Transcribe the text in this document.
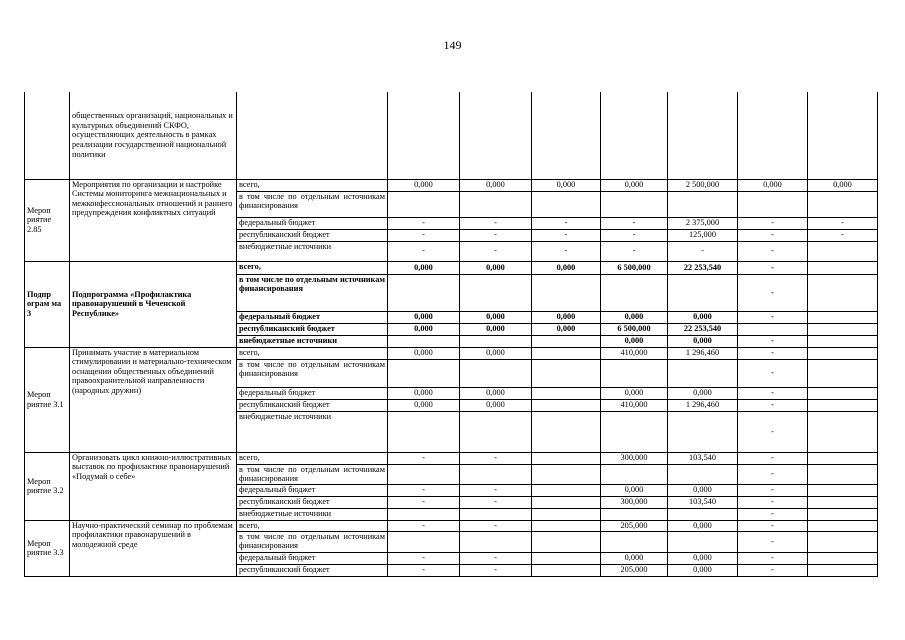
149
	общественных организаций, национальных и культурных объединений СКФО, осуществляющих деятельность в рамках реализации государственной национальной политики								
Мероп риятие 2.85	Мероприятия по организации и настройке Системы мониторинга межнациональных и межконфессиональных отношений и раннего предупреждения конфликтных ситуаций	всего,	0,000	0,000	0,000	0,000	2 500,000	0,000	0,000
		в том числе по отдельным источникам финансирования							
		федеральный бюджет	-	-	-	-	2 375,000	-	-
		республиканский бюджет	-	-	-	-	125,000	-	-
		внебюджетные источники	-	-	-	-	-	-	
Подпр ограм ма 3	Подпрограмма «Профилактика правонарушений в Чеченской Республике»	всего,	0,000	0,000	0,000	6 500,000	22 253,540	-	
		в том числе по отдельным источникам финансирования						-	
		федеральный бюджет	0,000	0,000	0,000	0,000	0,000	-	
		республиканский бюджет	0,000	0,000	0,000	6 500,000	22 253,540		
		внебюджетные источники				0,000	0,000	-	
Мероп риятие 3.1	Принимать участие в материальном стимулировании и материально-техническом оснащении общественных объединений правоохранительной направленности (народных дружин)	всего,	0,000	0,000		410,000	1 296,460	-	
		в том числе по отдельным источникам финансирования						-	
		федеральный бюджет	0,000	0,000		0,000	0,000	-	
		республиканский бюджет	0,000	0,000		410,000	1 296,460	-	
		внебюджетные источники						-	
Мероп риятие 3.2	Организовать цикл книжно-иллюстративных выставок по профилактике правонарушений «Подумай о себе»	всего,	-	-		300,000	103,540	-	
		в том числе по отдельным источникам финансирования						-	
		федеральный бюджет	-	-		0,000	0,000	-	
		республиканский бюджет	-	-		300,000	103,540	-	
		внебюджетные источники						-	
Мероп риятие 3.3	Научно-практический семинар по проблемам профилактики правонарушений в молодежной среде	всего,	-	-		205,000	0,000	-	
		в том числе по отдельным источникам финансирования						-	
		федеральный бюджет	-	-		0,000	0,000	-	
		республиканский бюджет	-	-		205,000	0,000	-	
